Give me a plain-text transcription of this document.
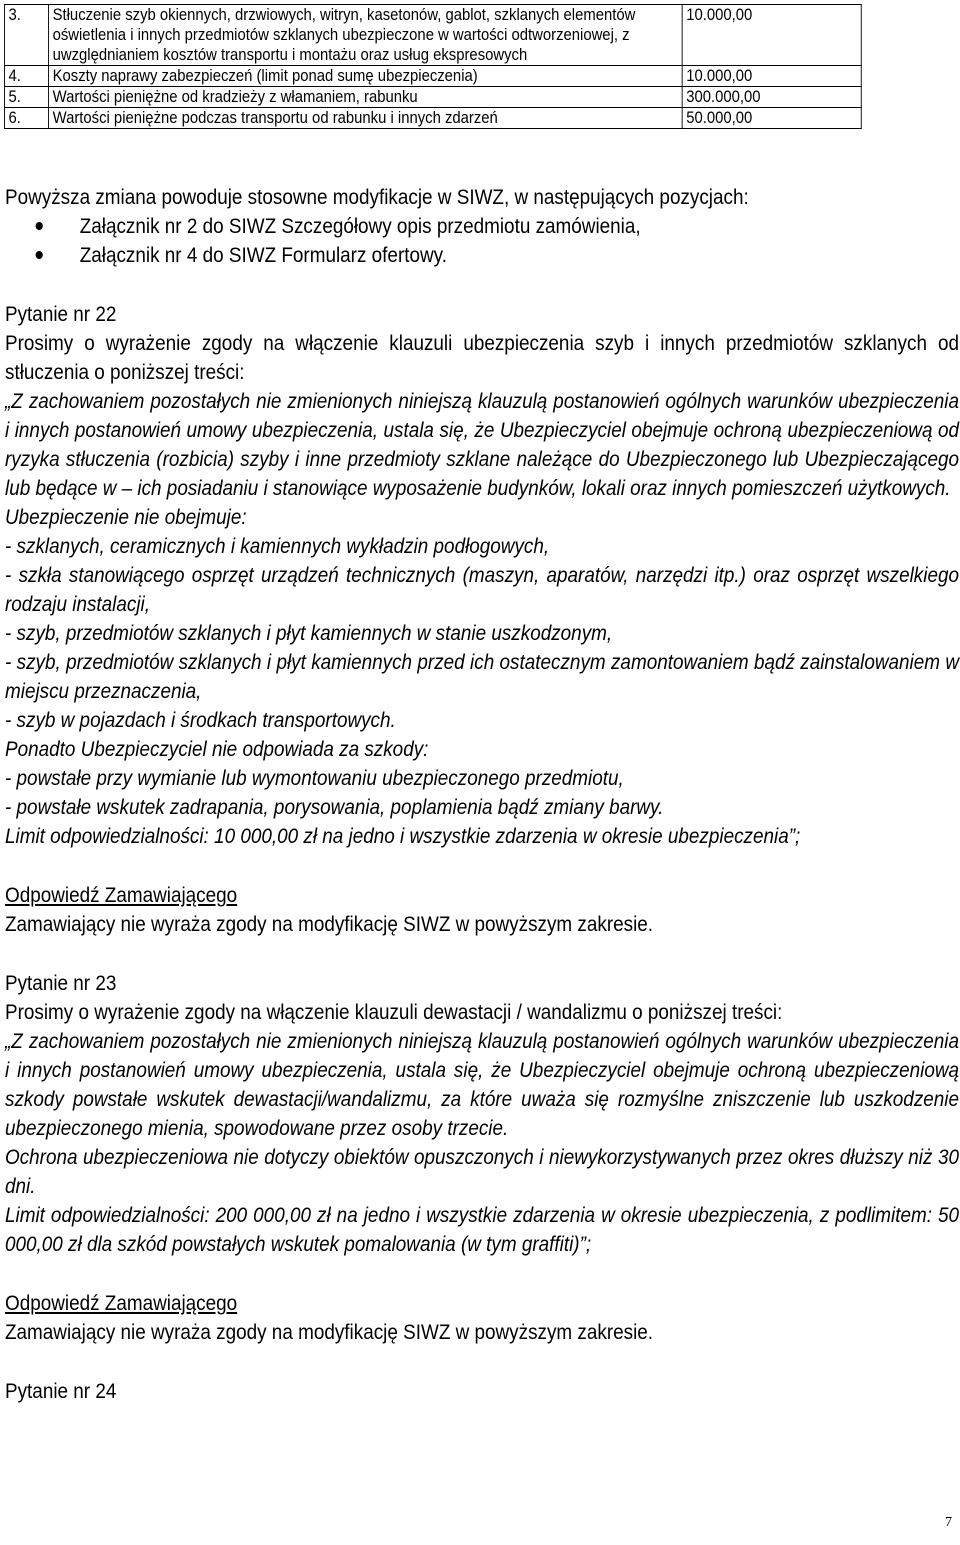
3.	Stłuczenie szyb okiennych, drzwiowych, witryn, kasetonów, gablot, szklanych elementów oświetlenia i innych przedmiotów szklanych ubezpieczone w wartości odtworzeniowej, z uwzględnianiem kosztów transportu i montażu oraz usług ekspresowych	10.000,00
4.	Koszty naprawy zabezpieczeń (limit ponad sumę ubezpieczenia)	10.000,00
5.	Wartości pieniężne od kradzieży z włamaniem, rabunku	300.000,00
6.	Wartości pieniężne podczas transportu od rabunku i innych zdarzeń	50.000,00

Powyższa zmiana powoduje stosowne modyfikacje w SIWZ, w następujących pozycjach:

Załącznik nr 2 do SIWZ Szczegółowy opis przedmiotu zamówienia,
Załącznik nr 4 do SIWZ Formularz ofertowy.

Pytanie nr 22

Prosimy o wyrażenie zgody na włączenie klauzuli ubezpieczenia szyb i innych przedmiotów szklanych od stłuczenia o poniższej treści:

„Z zachowaniem pozostałych nie zmienionych niniejszą klauzulą postanowień ogólnych warunków ubezpieczenia i innych postanowień umowy ubezpieczenia, ustala się, że Ubezpieczyciel obejmuje ochroną ubezpieczeniową od ryzyka stłuczenia (rozbicia) szyby i inne przedmioty szklane należące do Ubezpieczonego lub Ubezpieczającego lub będące w – ich posiadaniu i stanowiące wyposażenie budynków, lokali oraz innych pomieszczeń użytkowych.

Ubezpieczenie nie obejmuje:

- szklanych, ceramicznych i kamiennych wykładzin podłogowych,

- szkła stanowiącego osprzęt urządzeń technicznych (maszyn, aparatów, narzędzi itp.) oraz osprzęt wszelkiego rodzaju instalacji,

- szyb, przedmiotów szklanych i płyt kamiennych w stanie uszkodzonym,

- szyb, przedmiotów szklanych i płyt kamiennych przed ich ostatecznym zamontowaniem bądź zainstalowaniem w miejscu przeznaczenia,

- szyb w pojazdach i środkach transportowych.

Ponadto Ubezpieczyciel nie odpowiada za szkody:

- powstałe przy wymianie lub wymontowaniu ubezpieczonego przedmiotu,

- powstałe wskutek zadrapania, porysowania, poplamienia bądź zmiany barwy.

Limit odpowiedzialności: 10 000,00 zł na jedno i wszystkie zdarzenia w okresie ubezpieczenia”;

Odpowiedź Zamawiającego

Zamawiający nie wyraża zgody na modyfikację SIWZ w powyższym zakresie.

Pytanie nr 23

Prosimy o wyrażenie zgody na włączenie klauzuli dewastacji / wandalizmu o poniższej treści:

„Z zachowaniem pozostałych nie zmienionych niniejszą klauzulą postanowień ogólnych warunków ubezpieczenia i innych postanowień umowy ubezpieczenia, ustala się, że Ubezpieczyciel obejmuje ochroną ubezpieczeniową szkody powstałe wskutek dewastacji/wandalizmu, za które uważa się rozmyślne zniszczenie lub uszkodzenie ubezpieczonego mienia, spowodowane przez osoby trzecie.

Ochrona ubezpieczeniowa nie dotyczy obiektów opuszczonych i niewykorzystywanych przez okres dłuższy niż 30 dni.

Limit odpowiedzialności: 200 000,00 zł na jedno i wszystkie zdarzenia w okresie ubezpieczenia, z podlimitem: 50 000,00 zł dla szkód powstałych wskutek pomalowania (w tym graffiti)”;

Odpowiedź Zamawiającego

Zamawiający nie wyraża zgody na modyfikację SIWZ w powyższym zakresie.

Pytanie nr 24

7
